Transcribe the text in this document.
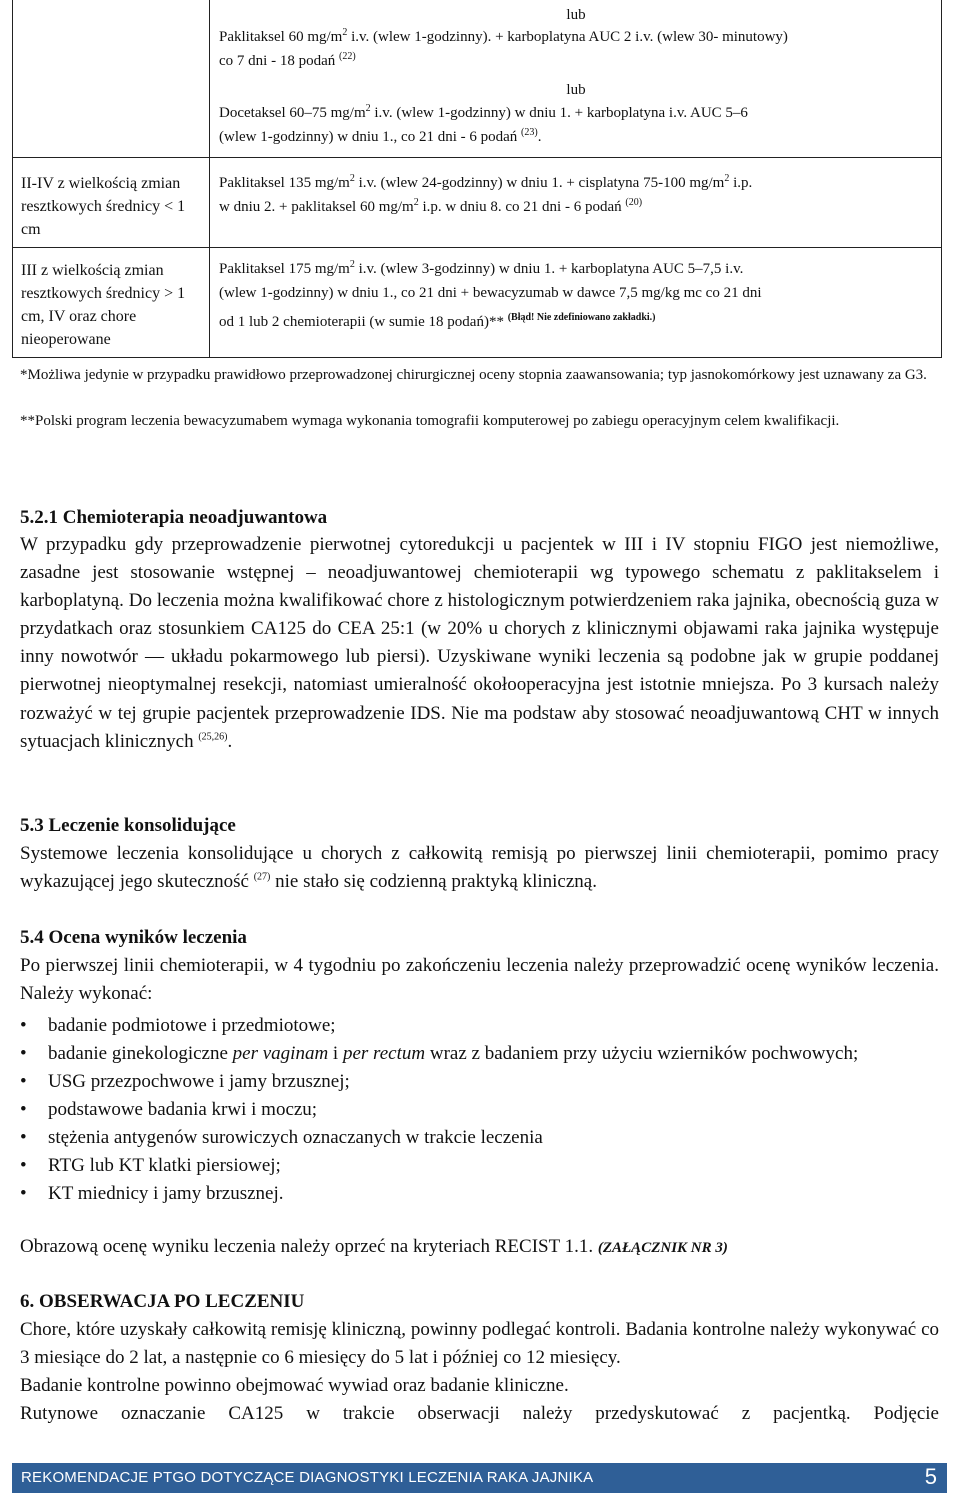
lub
Paklitaksel 60 $mg/m^2$ i.v. (wlew 1-godzinny). + karboplatyna AUC 2 i.v. (wlew 30- minutowy)
co 7 dni - 18 podań $^{(22)}$
lub
Docetaksel 60–75 $mg/m^2$ i.v. (wlew 1-godzinny) w dniu 1. + karboplatyna i.v. AUC 5–6
(wlew 1-godzinny) w dniu 1., co 21 dni - 6 podań $^{(23)}$.
II-IV z wielkością zmian resztkowych średnicy < 1 cm
Paklitaksel 135 $mg/m^2$ i.v. (wlew 24-godzinny) w dniu 1. + cisplatyna 75-100 $mg/m^2$ i.p.
w dniu 2. + paklitaksel 60 $mg/m^2$ i.p. w dniu 8. co 21 dni - 6 podań $^{(20)}$
III z wielkością zmian resztkowych średnicy > 1 cm, IV oraz chore nieoperowane
Paklitaksel 175 $mg/m^2$ i.v. (wlew 3-godzinny) w dniu 1. + karboplatyna AUC 5–7,5 i.v.
(wlew 1-godzinny) w dniu 1., co 21 dni + bewacyzumab w dawce 7,5 mg/kg mc co 21 dni
od 1 lub 2 chemioterapii (w sumie 18 podań)** $^{(Błąd! Nie zdefiniowano zakładki.)}$
*Możliwa jedynie w przypadku prawidłowo przeprowadzonej chirurgicznej oceny stopnia zaawansowania; typ jasnokomórkowy jest uznawany za G3.
**Polski program leczenia bewacyzumabem wymaga wykonania tomografii komputerowej po zabiegu operacyjnym celem kwalifikacji.
5.2.1 Chemioterapia neoadjuwantowa
W przypadku gdy przeprowadzenie pierwotnej cytoredukcji u pacjentek w III i IV stopniu FIGO jest niemożliwe, zasadne jest stosowanie wstępnej – neoadjuwantowej chemioterapii wg typowego schematu z paklitakselem i karboplatyną. Do leczenia można kwalifikować chore z histologicznym potwierdzeniem raka jajnika, obecnością guza w przydatkach oraz stosunkiem CA125 do CEA 25:1 (w 20% u chorych z klinicznymi objawami raka jajnika występuje inny nowotwór — układu pokarmowego lub piersi). Uzyskiwane wyniki leczenia są podobne jak w grupie poddanej pierwotnej nieoptymalnej resekcji, natomiast umieralność okołooperacyjna jest istotnie mniejsza. Po 3 kursach należy rozważyć w tej grupie pacjentek przeprowadzenie IDS. Nie ma podstaw aby stosować neoadjuwantową CHT w innych sytuacjach klinicznych $^{(25,26)}$.
5.3 Leczenie konsolidujące
Systemowe leczenia konsolidujące u chorych z całkowitą remisją po pierwszej linii chemioterapii, pomimo pracy wykazującej jego skuteczność $^{(27)}$ nie stało się codzienną praktyką kliniczną.
5.4 Ocena wyników leczenia
Po pierwszej linii chemioterapii, w 4 tygodniu po zakończeniu leczenia należy przeprowadzić ocenę wyników leczenia. Należy wykonać:
• badanie podmiotowe i przedmiotowe;
• badanie ginekologiczne per vaginam i per rectum wraz z badaniem przy użyciu wzierników pochwowych;
• USG przezpochwowe i jamy brzusznej;
• podstawowe badania krwi i moczu;
• stężenia antygenów surowiczych oznaczanych w trakcie leczenia
• RTG lub KT klatki piersiowej;
• KT miednicy i jamy brzusznej.
Obrazową ocenę wyniku leczenia należy oprzeć na kryteriach RECIST 1.1. (ZAŁĄCZNIK NR 3)
6. OBSERWACJA PO LECZENIU
Chore, które uzyskały całkowitą remisję kliniczną, powinny podlegać kontroli. Badania kontrolne należy wykonywać co 3 miesiące do 2 lat, a następnie co 6 miesięcy do 5 lat i później co 12 miesięcy.
Badanie kontrolne powinno obejmować wywiad oraz badanie kliniczne.
Rutynowe oznaczanie CA125 w trakcie obserwacji należy przedyskutować z pacjentką. Podjęcie
REKOMENDACJE PTGO DOTYCZĄCE DIAGNOSTYKI LECZENIA RAKA JAJNIKA	5
